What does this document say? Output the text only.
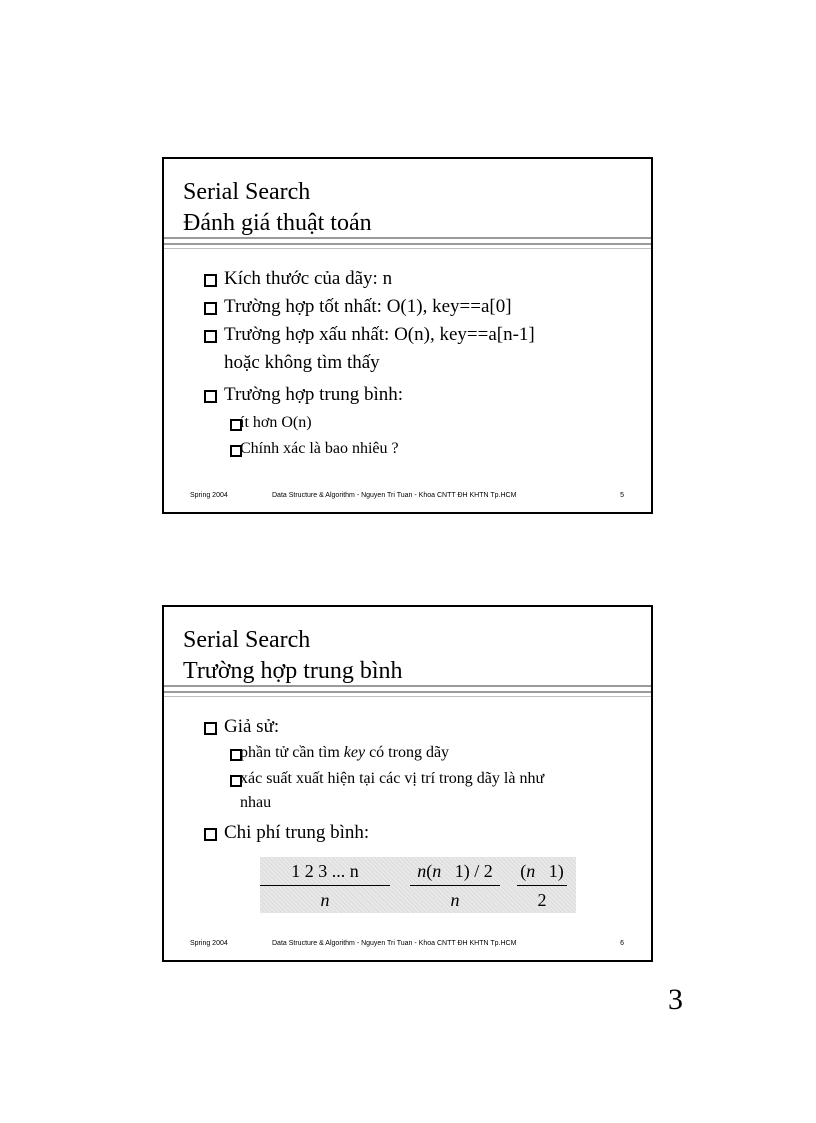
Serial Search
Đánh giá thuật toán
Kích thước của dãy: n
Trường hợp tốt nhất: O(1), key==a[0]
Trường hợp xấu nhất: O(n), key==a[n-1]
hoặc không tìm thấy
Trường hợp trung bình:
ít hơn O(n)
Chính xác là bao nhiêu ?
Spring 2004	Data Structure & Algorithm - Nguyen Tri Tuan - Khoa CNTT ĐH KHTN Tp.HCM	5
Serial Search
Trường hợp trung bình
Giả sử:
phần tử cần tìm key có trong dãy
xác suất xuất hiện tại các vị trí trong dãy là như
nhau
Chi phí trung bình:
1 2 3 ... n
n
n(n   1) / 2
n
(n   1)
2
Spring 2004	Data Structure & Algorithm - Nguyen Tri Tuan - Khoa CNTT ĐH KHTN Tp.HCM	6
3
